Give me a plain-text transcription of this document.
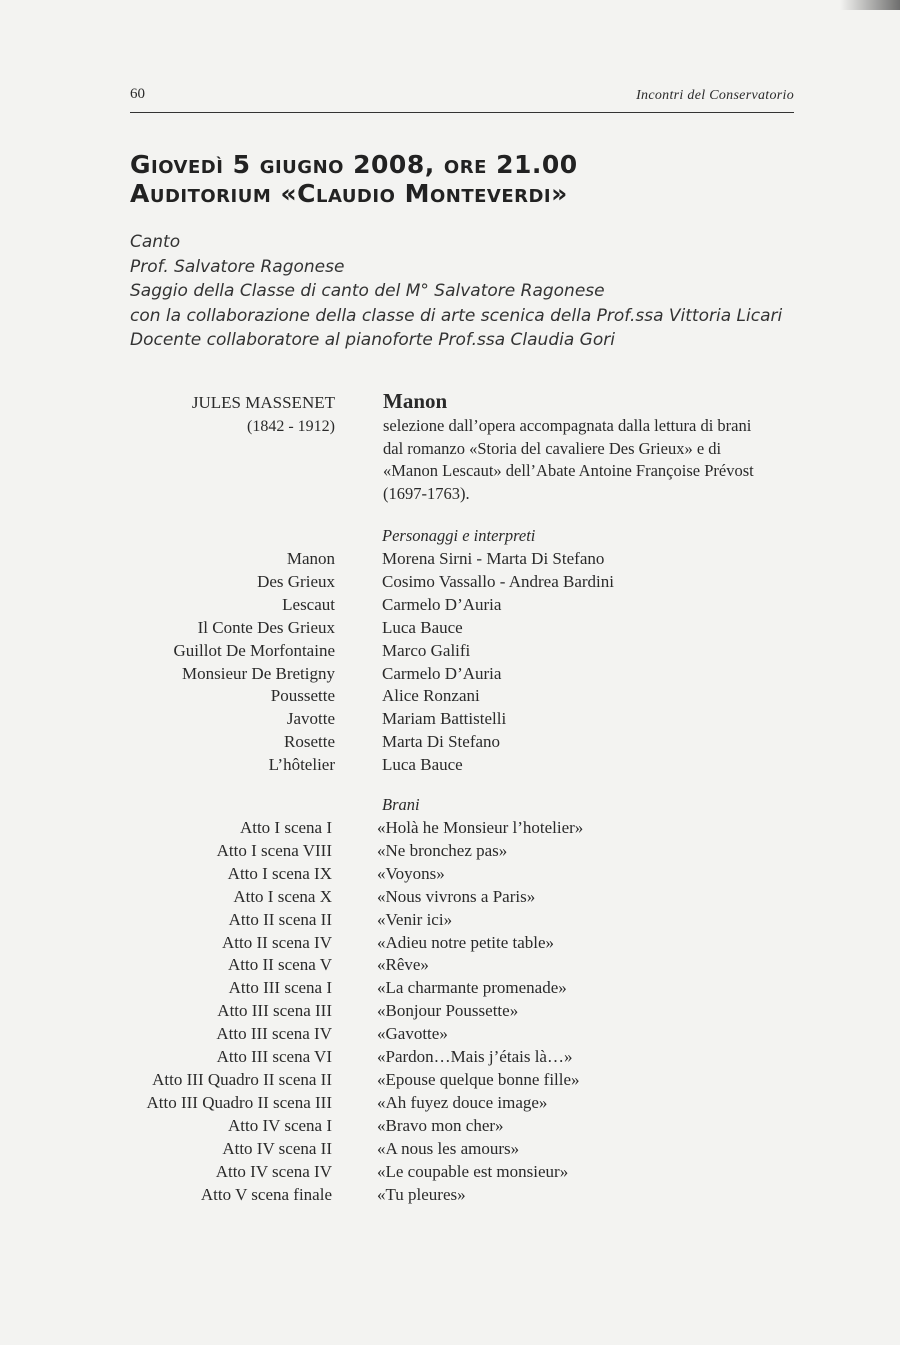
60	Incontri del Conservatorio
Giovedì 5 giugno 2008, ore 21.00
Auditorium «Claudio Monteverdi»
Canto
Prof. Salvatore Ragonese
Saggio della Classe di canto del M° Salvatore Ragonese
con la collaborazione della classe di arte scenica della Prof.ssa Vittoria Licari
Docente collaboratore al pianoforte Prof.ssa Claudia Gori
JULES MASSENET
(1842 - 1912)
Manon
selezione dall’opera accompagnata dalla lettura di brani
dal romanzo «Storia del cavaliere Des Grieux» e di
«Manon Lescaut» dell’Abate Antoine Françoise Prévost
(1697-1763).
Personaggi e interpreti
Manon
Des Grieux
Lescaut
Il Conte Des Grieux
Guillot De Morfontaine
Monsieur De Bretigny
Poussette
Javotte
Rosette
L’hôtelier
Morena Sirni - Marta Di Stefano
Cosimo Vassallo - Andrea Bardini
Carmelo D’Auria
Luca Bauce
Marco Galifi
Carmelo D’Auria
Alice Ronzani
Mariam Battistelli
Marta Di Stefano
Luca Bauce
Brani
Atto I scena I
Atto I scena VIII
Atto I scena IX
Atto I scena X
Atto II scena II
Atto II scena IV
Atto II scena V
Atto III scena I
Atto III scena III
Atto III scena IV
Atto III scena VI
Atto III Quadro II scena II
Atto III Quadro II scena III
Atto IV scena I
Atto IV scena II
Atto IV scena IV
Atto V scena finale
«Holà he Monsieur l’hotelier»
«Ne bronchez pas»
«Voyons»
«Nous vivrons a Paris»
«Venir ici»
«Adieu notre petite table»
«Rêve»
«La charmante promenade»
«Bonjour Poussette»
«Gavotte»
«Pardon…Mais j’étais là…»
«Epouse quelque bonne fille»
«Ah fuyez douce image»
«Bravo mon cher»
«A nous les amours»
«Le coupable est monsieur»
«Tu pleures»
